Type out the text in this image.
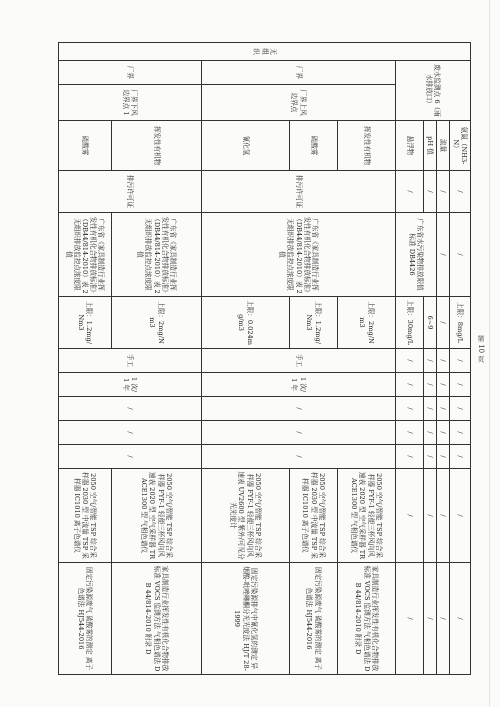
无组织	废水监测点 6（雨水排放口）		氨氮（NH3-N）	/	/	上限：8mg/L	/	/	/	/	/	/	/
			流量	/	/	/	/	/	/	/	/	/	/
			pH 值	/	广东省水污染物排放限值标准 DB4426	6~9	/	/	/	/	/	/	/
			悬浮物	/		上限：30mg/L	/	/	/	/	/	/	/
	厂界	厂界上风边界点	挥发性有机物	排污许可证	广东省《家具制造行业挥发性有机化合物排放标准》（DB44/814-2010）表 2 无组织排放监控点浓度限值	上限：2mg/Nm3	手工	1 次/1 年	/	/	/	2050 空气/智能 TSP 综合采样器 FYF-1 轻便三杯风向风速表 2020 型 空气采样器 TRACE1300 型 气相色谱仪	家具制造行业挥发性有机化合物排放标准 VOCS 监测方法 气相色谱法 DB 44/814-2010 附录 D
			硫酸雾			上限：1.2mg/Nm3						2050 空气/智能 TSP 综合采样器 2030 型 中流量 TSP 采样器 IC1010 离子色谱仪	固定污染源废气 硫酸雾的测定 离子色谱法 HJ544-2016
			氰化氢			上限：0.024mg/m3						2050 空气/智能 TSP 综合采样器 FYF-1 轻便三杯风向风速表 UV2600 型 紫外/可见分光光度计	固定污染源排气中氰化氢的测定 异烟酸-吡唑啉酮分光光度法 HJ/T 28-1999
	厂界	厂界下风边界点 1	挥发性有机物	排污许可证	广东省《家具制造行业挥发性有机化合物排放标准》（DB44/814-2010）表 2 无组织排放监控点浓度限值	上限：2mg/Nm3	手工	1 次/1 年	/	/	/	2050 空气/智能 TSP 综合采样器 FYF-1 轻便三杯风向风速表 2020 型 空气采样器 TRACE1300 型 气相色谱仪	家具制造行业挥发性有机化合物排放标准 VOCS 监测方法 气相色谱法 DB 44/814-2010 附录 D
			硫酸雾		广东省《家具制造行业挥发性有机化合物排放标准》（DB44/814-2010）表 2 无组织排放监控点浓度限值	上限：1.2mg/Nm3						2050 空气/智能 TSP 综合采样器 2030 型 中流量 TSP 采样器 IC1010 离子色谱仪	固定污染源废气 硫酸雾的测定 离子色谱法 HJ544-2016
第 10 页
